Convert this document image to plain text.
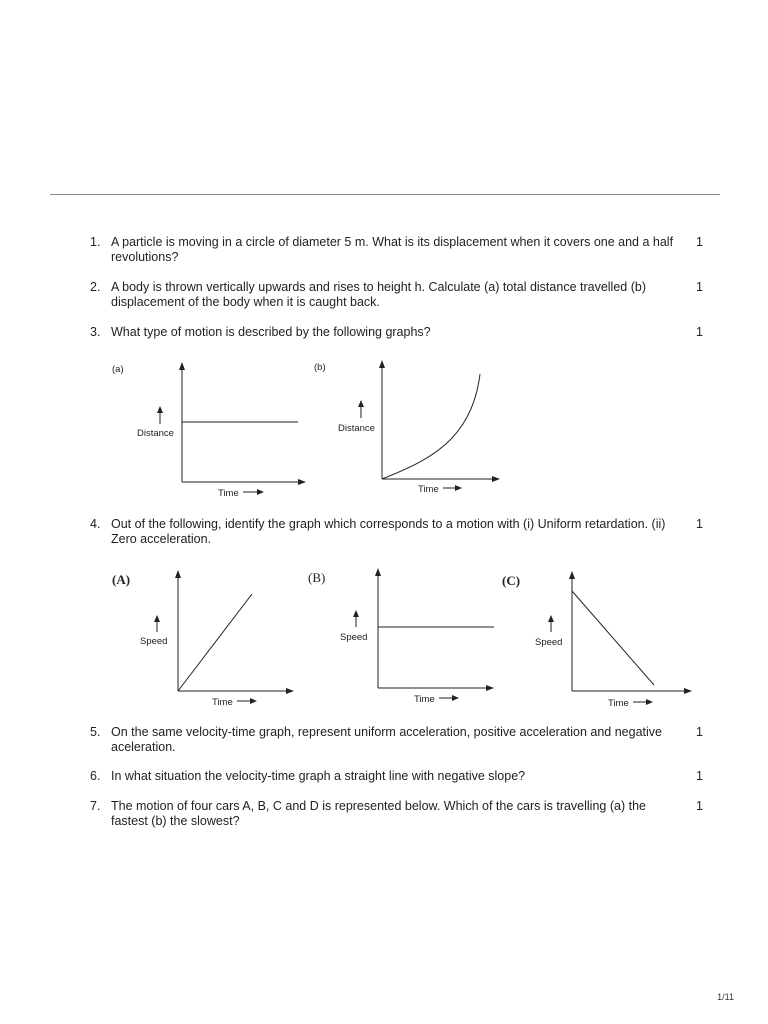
1. A particle is moving in a circle of diameter 5 m. What is its displacement when it covers one and a half revolutions?
1
2. A body is thrown vertically upwards and rises to height h. Calculate (a) total distance travelled (b) displacement of the body when it is caught back.
1
3. What type of motion is described by the following graphs?	1
(a)
Distance
Time
(b)
Distance
Time
4. Out of the following, identify the graph which corresponds to a motion with (i) Uniform retardation. (ii) Zero acceleration.
1
(A)
Speed
Time
(B)
Speed
Time
(C)
Speed
Time
5. On the same velocity-time graph, represent uniform acceleration, positive acceleration and negative aceleration.
1
6. In what situation the velocity-time graph a straight line with negative slope?	1
7. The motion of four cars A, B, C and D is represented below. Which of the cars is travelling (a) the fastest (b) the slowest?
1
1/11
